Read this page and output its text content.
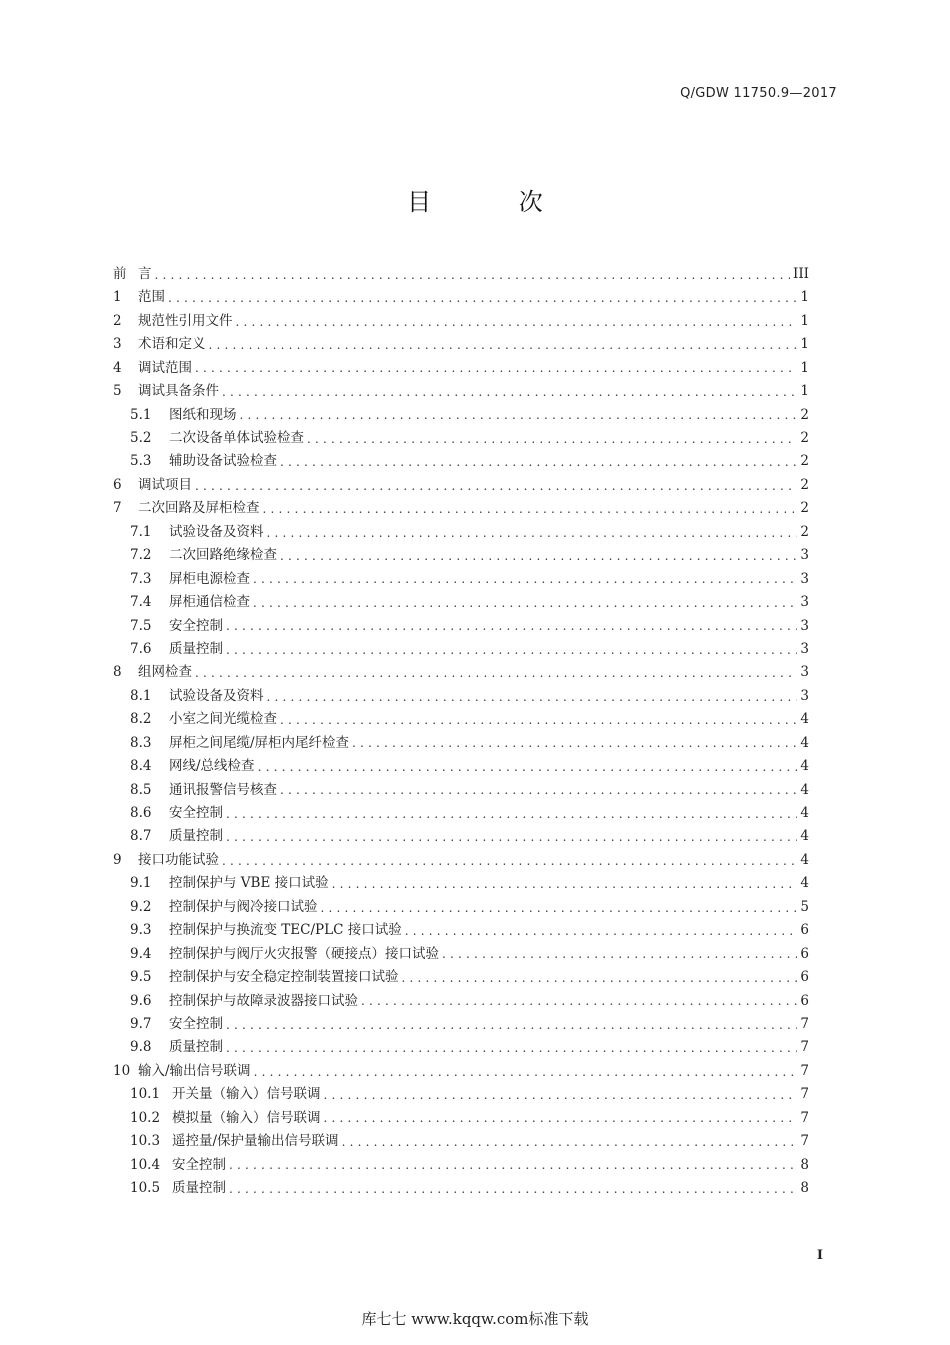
Q/GDW 11750.9—2017
目 次
前 言 .....	III
1	范围 .....	1
2	规范性引用文件 .....	1
3	术语和定义 .....	1
4	调试范围 .....	1
5	调试具备条件 .....	1
5.1	图纸和现场 .....	2
5.2	二次设备单体试验检查 .....	2
5.3	辅助设备试验检查 .....	2
6	调试项目 .....	2
7	二次回路及屏柜检查 .....	2
7.1	试验设备及资料 .....	2
7.2	二次回路绝缘检查 .....	3
7.3	屏柜电源检查 .....	3
7.4	屏柜通信检查 .....	3
7.5	安全控制 .....	3
7.6	质量控制 .....	3
8	组网检查 .....	3
8.1	试验设备及资料 .....	3
8.2	小室之间光缆检查 .....	4
8.3	屏柜之间尾缆/屏柜内尾纤检查 .....	4
8.4	网线/总线检查 .....	4
8.5	通讯报警信号核查 .....	4
8.6	安全控制 .....	4
8.7	质量控制 .....	4
9	接口功能试验 .....	4
9.1	控制保护与 VBE 接口试验 .....	4
9.2	控制保护与阀冷接口试验 .....	5
9.3	控制保护与换流变 TEC/PLC 接口试验 .....	6
9.4	控制保护与阀厅火灾报警（硬接点）接口试验 .....	6
9.5	控制保护与安全稳定控制装置接口试验 .....	6
9.6	控制保护与故障录波器接口试验 .....	6
9.7	安全控制 .....	7
9.8	质量控制 .....	7
10 输入/输出信号联调 .....	7
10.1 开关量（输入）信号联调 .....	7
10.2 模拟量（输入）信号联调 .....	7
10.3 遥控量/保护量输出信号联调 .....	7
10.4 安全控制 .....	8
10.5 质量控制 .....	8
I
库七七 www.kqqw.com标准下载
